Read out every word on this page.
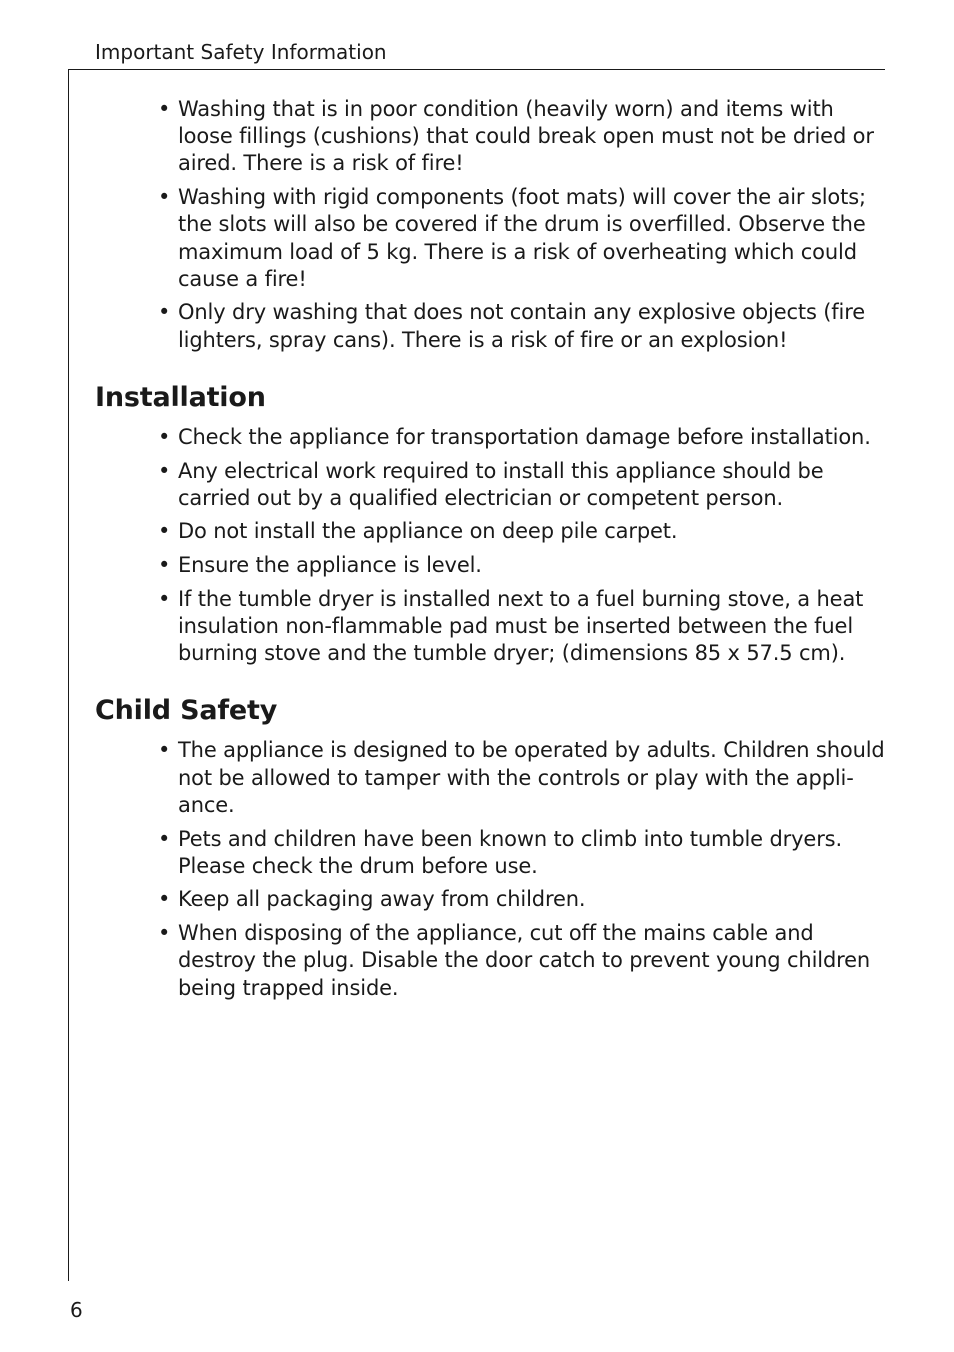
Important Safety Information
• Washing that is in poor condition (heavily worn) and items with loose fillings (cushions) that could break open must not be dried or aired. There is a risk of fire!
• Washing with rigid components (foot mats) will cover the air slots; the slots will also be covered if the drum is overfilled. Observe the maximum load of 5 kg. There is a risk of overheating which could cause a fire!
• Only dry washing that does not contain any explosive objects (fire lighters, spray cans). There is a risk of fire or an explosion!
Installation
• Check the appliance for transportation damage before installation.
• Any electrical work required to install this appliance should be carried out by a qualified electrician or competent person.
• Do not install the appliance on deep pile carpet.
• Ensure the appliance is level.
• If the tumble dryer is installed next to a fuel burning stove, a heat insulation non-flammable pad must be inserted between the fuel burning stove and the tumble dryer; (dimensions 85 x 57.5 cm).
Child Safety
• The appliance is designed to be operated by adults. Children should not be allowed to tamper with the controls or play with the appli-ance.
• Pets and children have been known to climb into tumble dryers. Please check the drum before use.
• Keep all packaging away from children.
• When disposing of the appliance, cut off the mains cable and destroy the plug. Disable the door catch to prevent young children being trapped inside.
6
